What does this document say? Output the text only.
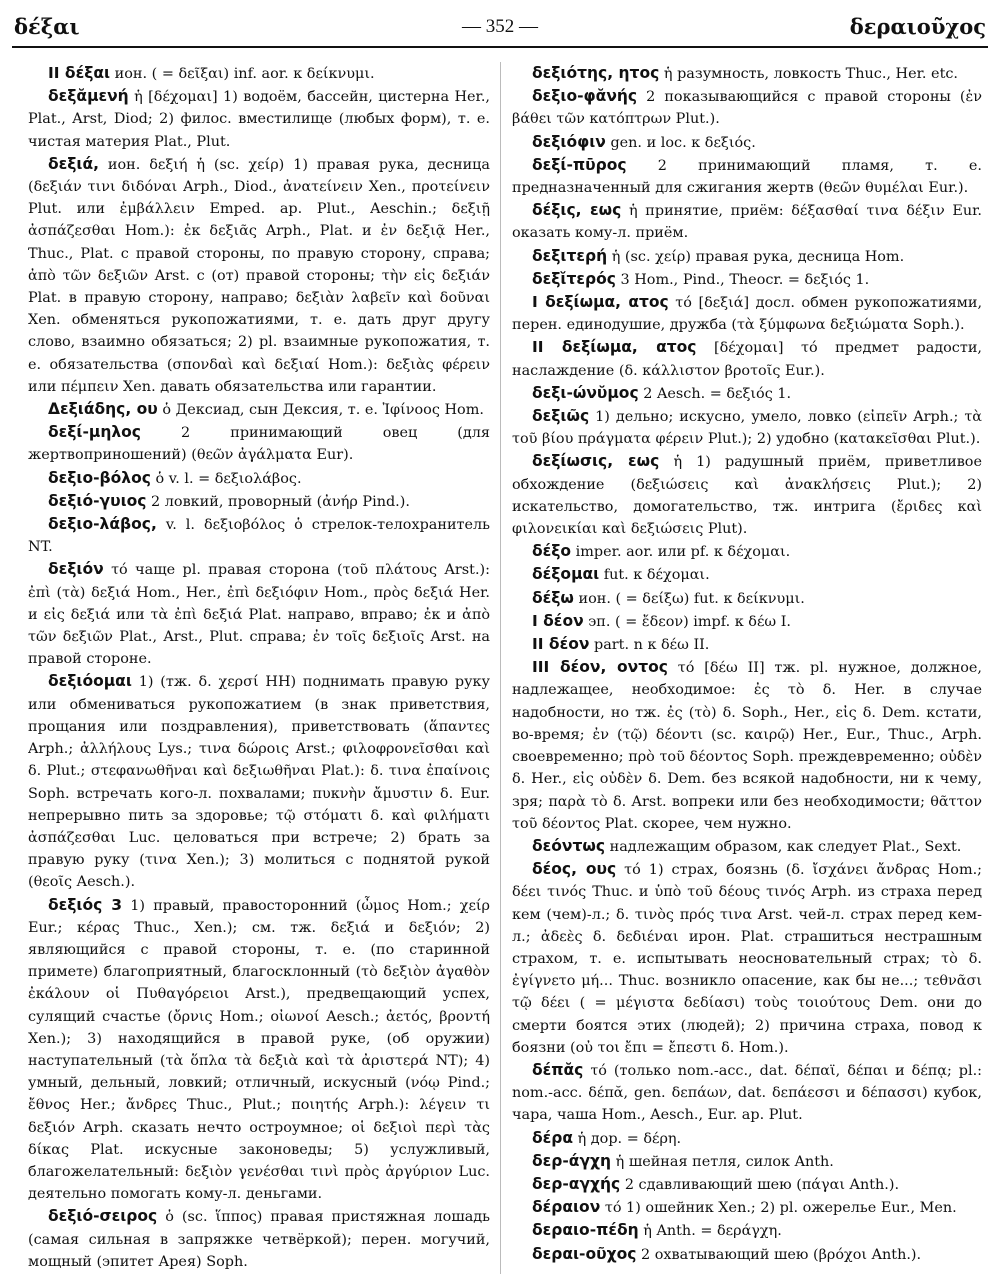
δέξαι	— 352 —	δεραιοῦχος

II δέξαι ион. ( = δεῖξαι) inf. aor. к δείκνυμι.

δεξᾰμενή ἡ [δέχομαι] 1) водоём, бассейн, цистерна Her., Plat., Arst, Diod; 2) филос. вместилище (любых форм), т. е. чистая материя Plat., Plut.

δεξιά, ион. δεξιή ἡ (sc. χείρ) 1) правая рука, десница (δεξιάν τινι διδόναι Arph., Diod., ἀνατείνειν Xen., προτείνειν Plut. или ἐμβάλλειν Emped. ap. Plut., Aeschin.; δεξιῇ ἀσπάζεσθαι Hom.): ἐκ δεξιᾶς Arph., Plat. и ἐν δεξιᾷ Her., Thuc., Plat. с правой стороны, по правую сторону, справа; ἀπὸ τῶν δεξιῶν Arst. с (от) правой стороны; τὴν εἰς δεξιάν Plat. в правую сторону, направо; δεξιὰν λαβεῖν καὶ δοῦναι Xen. обменяться рукопожатиями, т. е. дать друг другу слово, взаимно обязаться; 2) pl. взаимные рукопожатия, т. е. обязательства (σπονδαὶ καὶ δεξιαί Hom.): δεξιὰς φέρειν или πέμπειν Xen. давать обязательства или гарантии.

Δεξιάδης, ου ὁ Дексиад, сын Дексия, т. е. Ἰφίνοος Hom.

δεξί-μηλος	2 принимающий овец (для жертвоприношений) (θεῶν ἀγάλματα Eur).

δεξιο-βόλος ὁ v. l. = δεξιολάβος.

δεξιό-γυιος 2 ловкий, проворный (ἀνήρ Pind.).

δεξιο-λάβος, v. l. δεξιοβόλος ὁ стрелок-телохранитель NT.

δεξιόν τό чаще pl. правая сторона (τοῦ πλάτους Arst.): ἐπὶ (τὰ) δεξιά Hom., Her., ἐπὶ δεξιόφιν Hom., πρὸς δεξιά Her. и εἰς δεξιά или τὰ ἐπὶ δεξιά Plat. направо, вправо; ἐκ и ἀπὸ τῶν δεξιῶν Plat., Arst., Plut. справа; ἐν τοῖς δεξιοῖς Arst. на правой стороне.

δεξιόομαι 1) (тж. δ. χερσί HH) поднимать правую руку или обмениваться рукопожатием (в знак приветствия, прощания или поздравления), приветствовать (ἅπαντες Arph.; ἀλλήλους Lys.; τινα δώροις Arst.; φιλοφρονεῖσθαι καὶ δ. Plut.; στεφανωθῆναι καὶ δεξιωθῆναι Plat.): δ. τινα ἐπαίνοις Soph. встречать кого-л. похвалами; πυκνὴν ἄμυστιν δ. Eur. непрерывно пить за здоровье; τῷ στόματι δ. καὶ φιλήματι ἀσπάζεσθαι Luc. целоваться при встрече; 2) брать за правую руку (τινα Xen.); 3) молиться с поднятой рукой (θεοῖς Aesch.).

δεξιός 3 1) правый, правосторонний (ὦμος Hom.; χείρ Eur.; κέρας Thuc., Xen.); см. тж. δεξιά и δεξιόν; 2) являющийся с правой стороны, т. е. (по старинной примете) благоприятный, благосклонный (τὸ δεξιὸν ἀγαθὸν ἐκάλουν οἱ Πυθαγόρειοι Arst.), предвещающий успех, сулящий счастье (ὄρνις Hom.; οἰωνοί Aesch.; ἀετός, βροντή Xen.); 3) находящийся в правой руке, (об оружии) наступательный (τὰ ὅπλα τὰ δεξιὰ καὶ τὰ ἀριστερά NT); 4) умный, дельный, ловкий; отличный, искусный (νόῳ Pind.; ἔθνος Her.; ἄνδρες Thuc., Plut.; ποιητής Arph.): λέγειν τι δεξιόν Arph. сказать нечто остроумное; οἱ δεξιοὶ περὶ τὰς δίκας Plat. искусные законоведы; 5) услужливый, благожелательный: δεξιὸν γενέσθαι τινὶ πρὸς ἀργύριον Luc. деятельно помогать кому-л. деньгами.

δεξιό-σειρος ὁ (sc. ἵππος) правая пристяжная лошадь (самая сильная в запряжке четвёркой); перен. могучий, мощный (эпитет Арея) Soph.

δεξιότης, ητος ἡ разумность, ловкость Thuc., Her. etc.

δεξιο-φᾰνής 2 показывающийся с правой стороны (ἐν βάθει τῶν κατόπτρων Plut.).

δεξιόφιν gen. и loc. к δεξιός.

δεξί-πῡρος 2 принимающий пламя, т. е. предназначенный для сжигания жертв (θεῶν θυμέλαι Eur.).

δέξις, εως ἡ принятие, приём: δέξασθαί τινα δέξιν Eur. оказать кому-л. приём.

δεξιτερή ἡ (sc. χείρ) правая рука, десница Hom.

δεξῐτερός 3 Hom., Pind., Theocr. = δεξιός 1.

I δεξίωμα, ατος τό [δεξιά] досл. обмен рукопожатиями, перен. единодушие, дружба (τὰ ξύμφωνα δεξιώματα Soph.).

II δεξίωμα, ατος [δέχομαι] τό предмет радости, наслаждение (δ. κάλλιστον βροτοῖς Eur.).

δεξι-ώνῠμος 2 Aesch. = δεξιός 1.

δεξιῶς 1) дельно; искусно, умело, ловко (εἰπεῖν Arph.; τὰ τοῦ βίου πράγματα φέρειν Plut.); 2) удобно (κατακεῖσθαι Plut.).

δεξίωσις, εως ἡ 1) радушный приём, приветливое обхождение (δεξιώσεις καὶ ἀνακλήσεις Plut.); 2) искательство, домогательство, тж. интрига (ἔριδες καὶ φιλονεικίαι καὶ δεξιώσεις Plut).

δέξο imper. aor. или pf. к δέχομαι.

δέξομαι fut. к δέχομαι.

δέξω ион. ( = δείξω) fut. к δείκνυμι.

I δέον эп. ( = ἔδεον) impf. к δέω I.

II δέον part. n к δέω II.

III δέον, οντος τό [δέω II] тж. pl. нужное, должное, надлежащее, необходимое: ἐς τὸ δ. Her. в случае надобности, но тж. ἐς (τὸ) δ. Soph., Her., εἰς δ. Dem. кстати, во-время; ἐν (τῷ) δέοντι (sc. καιρῷ) Her., Eur., Thuc., Arph. своевременно; πρὸ τοῦ δέοντος Soph. преждевременно; οὐδὲν δ. Her., εἰς οὐδὲν δ. Dem. без всякой надобности, ни к чему, зря; παρὰ τὸ δ. Arst. вопреки или без необходимости; θᾶττον τοῦ δέοντος Plat. скорее, чем нужно.

δεόντως надлежащим образом, как следует Plat., Sext.

δέος, ους τό 1) страх, боязнь (δ. ἴσχάνει ἄνδρας Hom.; δέει τινός Thuc. и ὑπὸ τοῦ δέους τινός Arph. из страха перед кем (чем)-л.; δ. τινὸς πρός τινα Arst. чей-л. страх перед кем-л.; ἀδεὲς δ. δεδιέναι ирон. Plat. страшиться нестрашным страхом, т. е. испытывать неосновательный страх; τὸ δ. ἐγίγνετο μή... Thuc. возникло опасение, как бы не...; τεθνᾶσι τῷ δέει ( = μέγιστα δεδίασι) τοὺς τοιούτους Dem. они до смерти боятся этих (людей); 2) причина страха, повод к боязни (οὐ τοι ἔπι = ἔπεστι δ. Hom.).

δέπᾰς τό (только nom.-acc., dat. δέπαϊ, δέπαι и δέπᾳ; pl.: nom.-acc. δέπᾰ, gen. δεπάων, dat. δεπάεσσι и δέπασσι) кубок, чара, чаша Hom., Aesch., Eur. ap. Plut.

δέρα ἡ дор. = δέρη.

δερ-άγχη ἡ шейная петля, силок Anth.

δερ-αγχής 2 сдавливающий шею (πάγαι Anth.).

δέραιον τό 1) ошейник Xen.; 2) pl. ожерелье Eur., Men.

δεραιο-πέδη ἡ Anth. = δεράγχη.

δεραι-οῦχος 2 охватывающий шею (βρόχοι Anth.).
